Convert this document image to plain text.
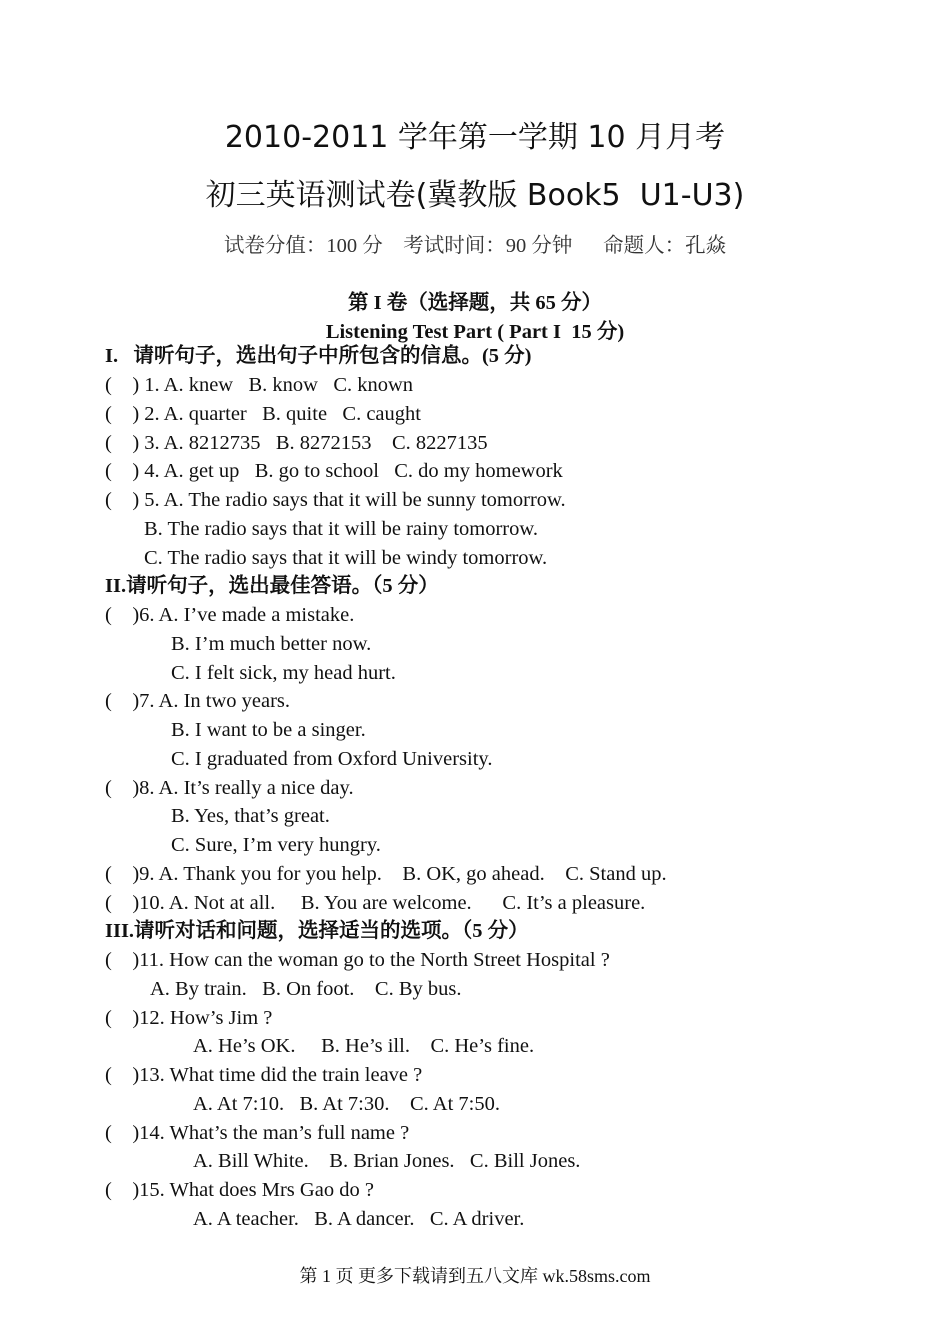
2010-2011 学年第一学期 10 月月考
初三英语测试卷(冀教版 Book5  U1-U3)
试卷分值：100 分    考试时间：90 分钟      命题人：孔焱
第 I 卷（选择题，共 65 分）
Listening Test Part ( Part I  15 分)
I.   请听句子，选出句子中所包含的信息。(5 分)
(    ) 1. A. knew   B. know   C. known
(    ) 2. A. quarter   B. quite   C. caught
(    ) 3. A. 8212735   B. 8272153    C. 8227135
(    ) 4. A. get up   B. go to school   C. do my homework
(    ) 5. A. The radio says that it will be sunny tomorrow.
B. The radio says that it will be rainy tomorrow.
C. The radio says that it will be windy tomorrow.
II.请听句子，选出最佳答语。（5 分）
(    )6. A. I’ve made a mistake.
B. I’m much better now.
C. I felt sick, my head hurt.
(    )7. A. In two years.
B. I want to be a singer.
C. I graduated from Oxford University.
(    )8. A. It’s really a nice day.
B. Yes, that’s great.
C. Sure, I’m very hungry.
(    )9. A. Thank you for you help.    B. OK, go ahead.    C. Stand up.
(    )10. A. Not at all.     B. You are welcome.      C. It’s a pleasure.
III.请听对话和问题，选择适当的选项。（5 分）
(    )11. How can the woman go to the North Street Hospital ?
A. By train.   B. On foot.    C. By bus.
(    )12. How’s Jim ?
A. He’s OK.     B. He’s ill.    C. He’s fine.
(    )13. What time did the train leave ?
A. At 7:10.   B. At 7:30.    C. At 7:50.
(    )14. What’s the man’s full name ?
A. Bill White.    B. Brian Jones.   C. Bill Jones.
(    )15. What does Mrs Gao do ?
A. A teacher.   B. A dancer.   C. A driver.
第 1 页 更多下载请到五八文库 wk.58sms.com
